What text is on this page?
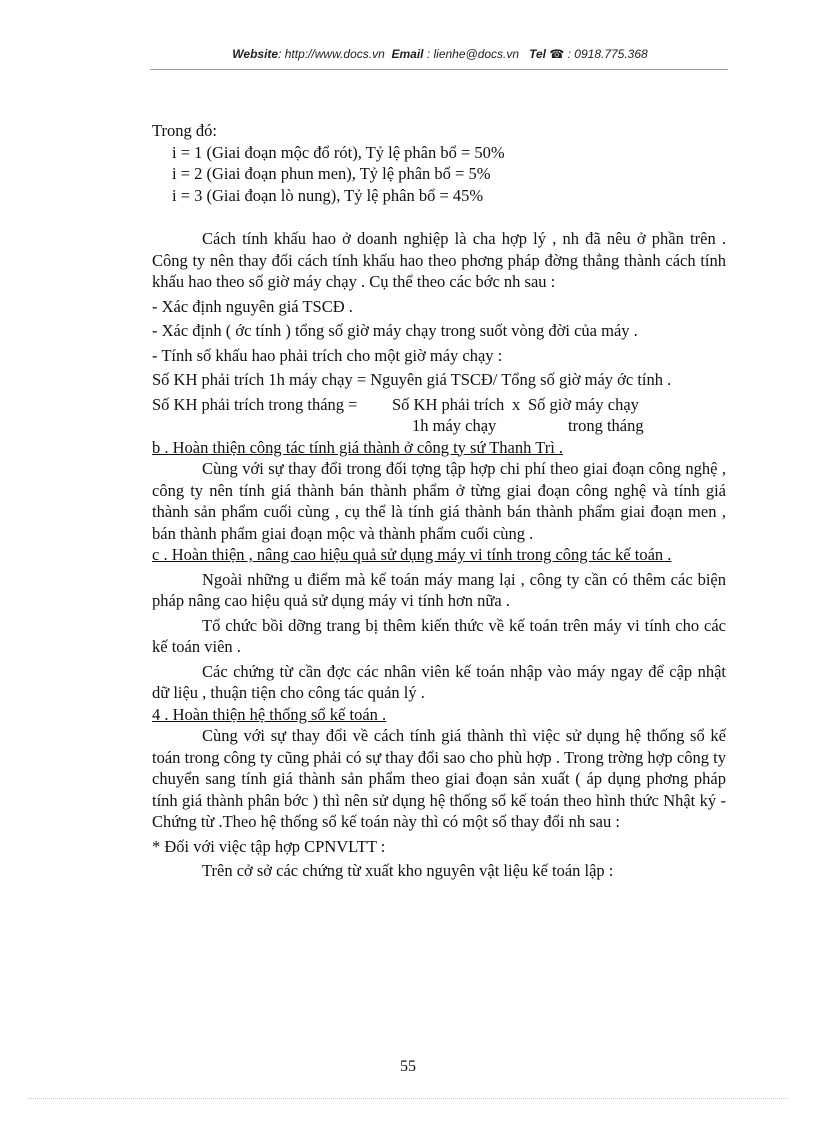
Website: http://www.docs.vn Email : lienhe@docs.vn Tel ☎ : 0918.775.368

Trong đó:

i = 1 (Giai đoạn mộc đổ rót), Tỷ lệ phân bổ = 50%

i = 2 (Giai đoạn phun men), Tỷ lệ phân bổ = 5%

i = 3 (Giai đoạn lò nung), Tỷ lệ phân bổ = 45%

Cách tính khấu hao ở doanh nghiệp là cha hợp lý , nh đã nêu ở phần trên . Công ty nên thay đổi cách tính khấu hao theo phơng pháp đờng thẳng thành cách tính khấu hao theo số giờ máy chạy . Cụ thể theo các bớc nh sau :

- Xác định nguyên giá TSCĐ .

- Xác định ( ớc tính ) tổng số giờ máy chạy trong suốt vòng đời của máy .

- Tính số khấu hao phải trích cho một giờ máy chạy :

Số KH phải trích 1h máy chạy = Nguyên giá TSCĐ/ Tổng số giờ máy ớc tính .

Số KH phải trích trong tháng =	Số KH phải trích x Số giờ máy chạy
1h máy chạy	trong tháng

b . Hoàn thiện công tác tính giá thành ở công ty sứ Thanh Trì .

Cùng với sự thay đổi trong đối tợng tập hợp chi phí theo giai đoạn công nghệ , công ty nên tính giá thành bán thành phẩm ở từng giai đoạn công nghệ và tính giá thành sản phẩm cuối cùng , cụ thể là tính giá thành bán thành phẩm giai đoạn men , bán thành phẩm giai đoạn mộc và thành phẩm cuối cùng .

c . Hoàn thiện , nâng cao hiệu quả sử dụng máy vi tính trong công tác kế toán .

Ngoài những u điểm mà kế toán máy mang lại , công ty cần có thêm các biện pháp nâng cao hiệu quả sử dụng máy vi tính hơn nữa .

Tổ chức bồi dỡng trang bị thêm kiến thức về kế toán trên máy vi tính cho các kế toán viên .

Các chứng từ cần đợc các nhân viên kế toán nhập vào máy ngay để cập nhật dữ liệu , thuận tiện cho công tác quản lý .

4 . Hoàn thiện hệ thống sổ kế toán .

Cùng với sự thay đổi về cách tính giá thành thì việc sử dụng hệ thống sổ kế toán trong công ty cũng phải có sự thay đổi sao cho phù hợp . Trong trờng hợp công ty chuyển sang tính giá thành sản phẩm theo giai đoạn sản xuất ( áp dụng phơng pháp tính giá thành phân bớc ) thì nên sử dụng hệ thống sổ kế toán theo hình thức Nhật ký - Chứng từ .Theo hệ thống sổ kế toán này thì có một số thay đổi nh sau :

* Đối với việc tập hợp CPNVLTT :

Trên cở sở các chứng từ xuất kho nguyên vật liệu kế toán lập :

55
